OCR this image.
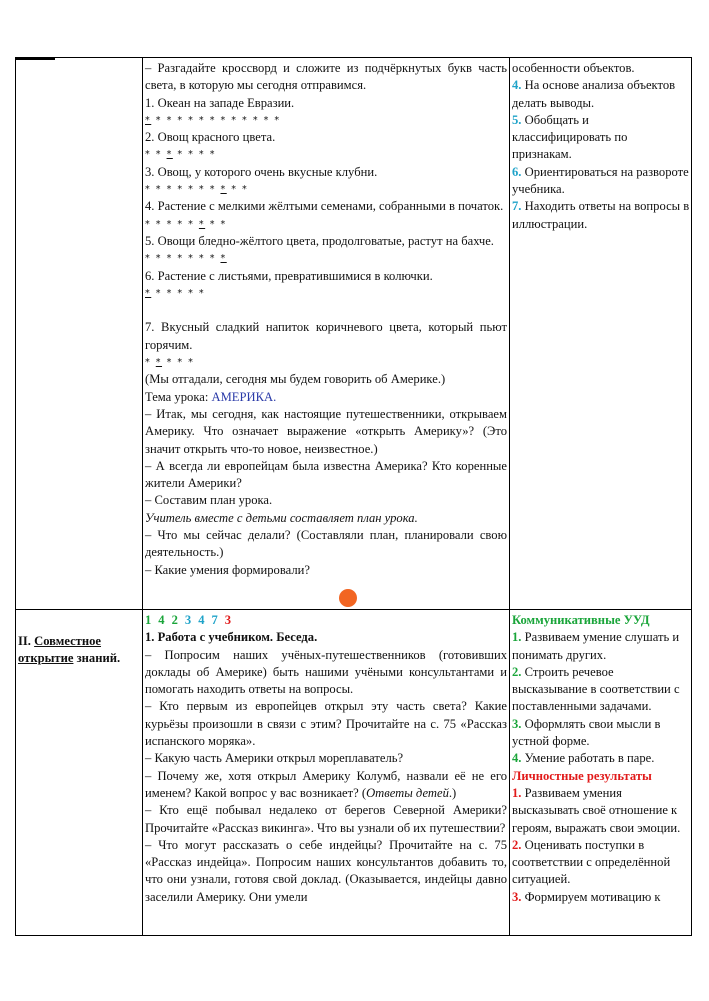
– Разгадайте кроссворд и сложите из подчёркнутых букв часть света, в которую мы сегодня отправимся.
1. Океан на западе Евразии.
* * * * * * * * * * * * *
2. Овощ красного цвета.
* * * * * * *
3. Овощ, у которого очень вкусные клубни.
* * * * * * * * * *
4. Растение с мелкими жёлтыми семенами, собранными в початок.
* * * * * * * *
5. Овощи бледно-жёлтого цвета, продолговатые, растут на бахче.
* * * * * * * *
6. Растение с листьями, превратившимися в колючки.
* * * * * *
7. Вкусный сладкий напиток коричневого цвета, который пьют горячим.
* * * * *
(Мы отгадали, сегодня мы будем говорить об Америке.)
Тема урока: АМЕРИКА.
– Итак, мы сегодня, как настоящие путешественники, открываем Америку. Что означает выражение «открыть Америку»? (Это значит открыть что-то новое, неизвестное.)
– А всегда ли европейцам была известна Америка? Кто коренные жители Америки?
– Составим план урока.
Учитель вместе с детьми составляет план урока.
– Что мы сейчас делали? (Составляли план, планировали свою деятельность.)
– Какие умения формировали?
особенности объектов.
4. На основе анализа объектов делать выводы.
5. Обобщать и классифицировать по признакам.
6. Ориентироваться на развороте учебника.
7. Находить ответы на вопросы в иллюстрации.
II. Совместное
открытие знаний.
1 4 2 3 4 7 3
1. Работа с учебником. Беседа.
– Попросим наших учёных-путешественников (готовивших доклады об Америке) быть нашими учёными консультантами и помогать находить ответы на вопросы.
– Кто первым из европейцев открыл эту часть света? Какие курьёзы произошли в связи с этим? Прочитайте на с. 75 «Рассказ испанского моряка».
– Какую часть Америки открыл мореплаватель?
– Почему же, хотя открыл Америку Колумб, назвали её не его именем? Какой вопрос у вас возникает? (Ответы детей.)
– Кто ещё побывал недалеко от берегов Северной Америки? Прочитайте «Рассказ викинга». Что вы узнали об их путешествии?
– Что могут рассказать о себе индейцы? Прочитайте на с. 75 «Рассказ индейца». Попросим наших консультантов добавить то, что они узнали, готовя свой доклад. (Оказывается, индейцы давно заселили Америку. Они умели
Коммуникативные УУД
1. Развиваем умение слушать и понимать других.
2. Строить речевое высказывание в соответствии с поставленными задачами.
3. Оформлять свои мысли в устной форме.
4. Умение работать в паре.
Личностные результаты
1. Развиваем умения высказывать своё отношение к героям, выражать свои эмоции.
2. Оценивать поступки в соответствии с определённой ситуацией.
3. Формируем мотивацию к
